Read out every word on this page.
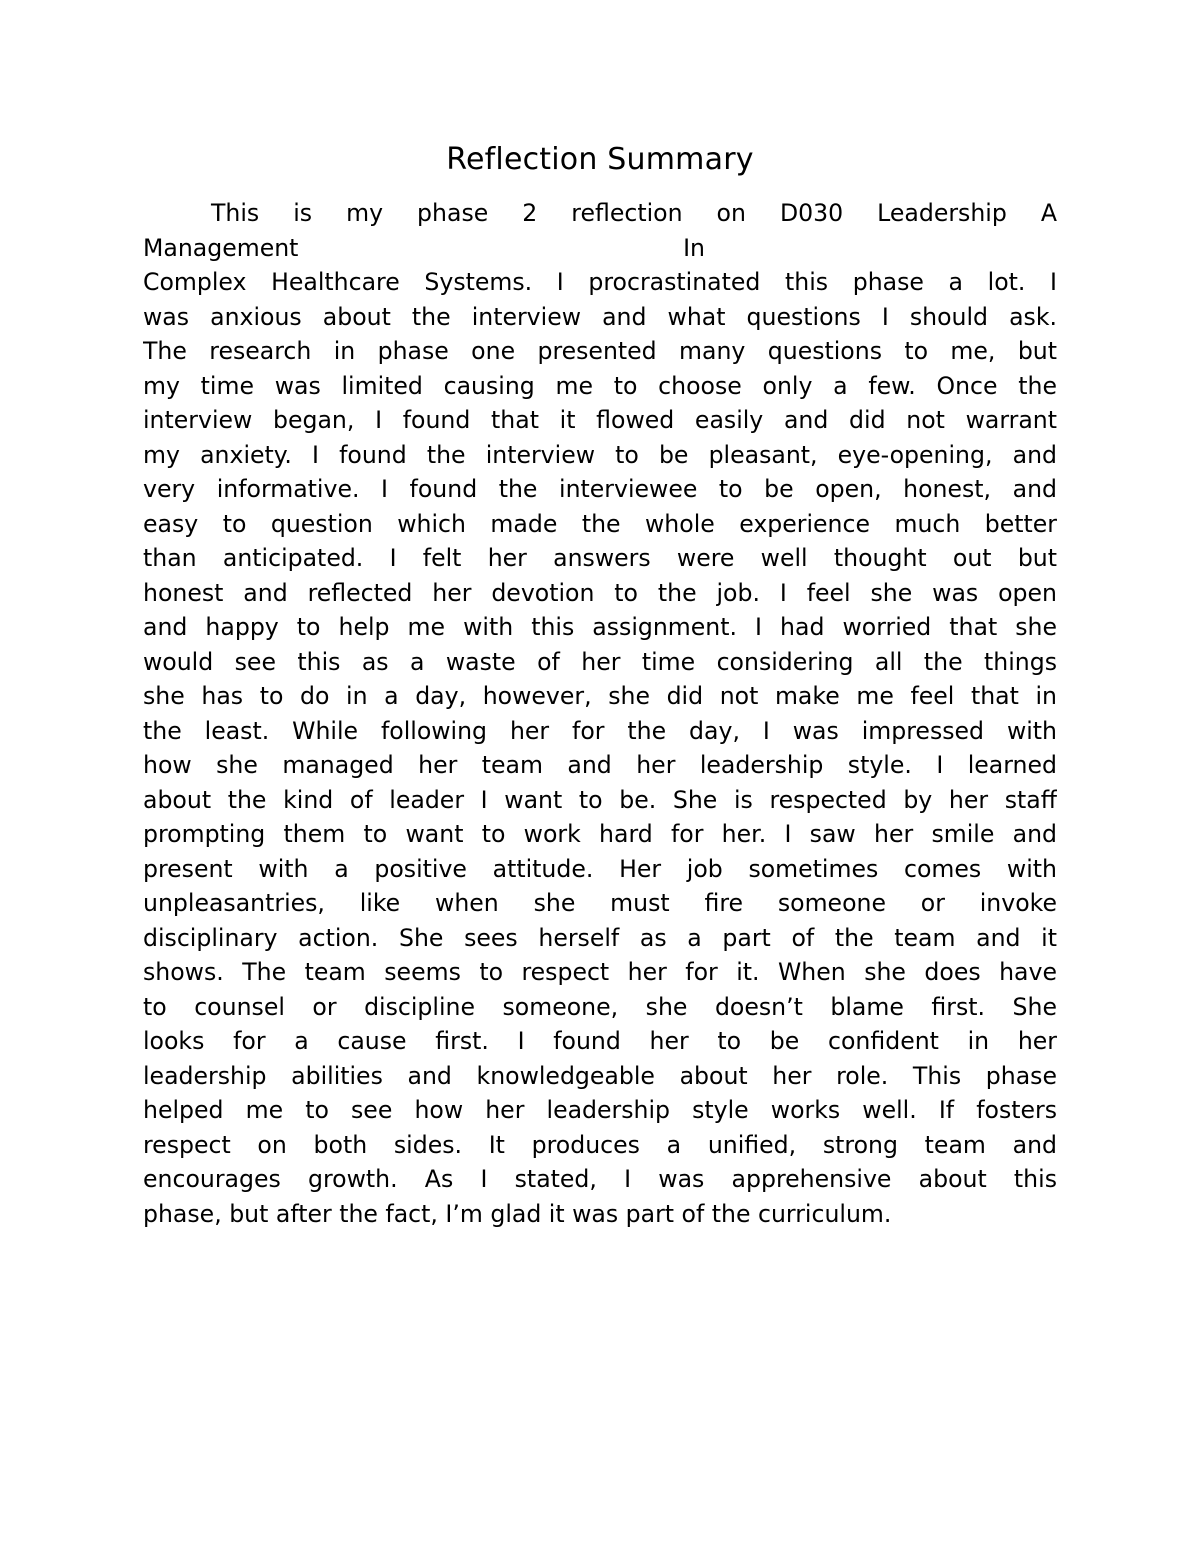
Reflection Summary
This is my phase 2 reflection on D030 Leadership A
Management In
Complex Healthcare Systems. I procrastinated this phase a lot. I
was anxious about the interview and what questions I should ask.
The research in phase one presented many questions to me, but
my time was limited causing me to choose only a few. Once the
interview began, I found that it flowed easily and did not warrant
my anxiety. I found the interview to be pleasant, eye-opening, and
very informative. I found the interviewee to be open, honest, and
easy to question which made the whole experience much better
than anticipated. I felt her answers were well thought out but
honest and reflected her devotion to the job. I feel she was open
and happy to help me with this assignment. I had worried that she
would see this as a waste of her time considering all the things
she has to do in a day, however, she did not make me feel that in
the least. While following her for the day, I was impressed with
how she managed her team and her leadership style. I learned
about the kind of leader I want to be. She is respected by her staff
prompting them to want to work hard for her. I saw her smile and
present with a positive attitude. Her job sometimes comes with
unpleasantries, like when she must fire someone or invoke
disciplinary action. She sees herself as a part of the team and it
shows. The team seems to respect her for it. When she does have
to counsel or discipline someone, she doesn’t blame first. She
looks for a cause first. I found her to be confident in her
leadership abilities and knowledgeable about her role. This phase
helped me to see how her leadership style works well. If fosters
respect on both sides. It produces a unified, strong team and
encourages growth. As I stated, I was apprehensive about this
phase, but after the fact, I’m glad it was part of the curriculum.
